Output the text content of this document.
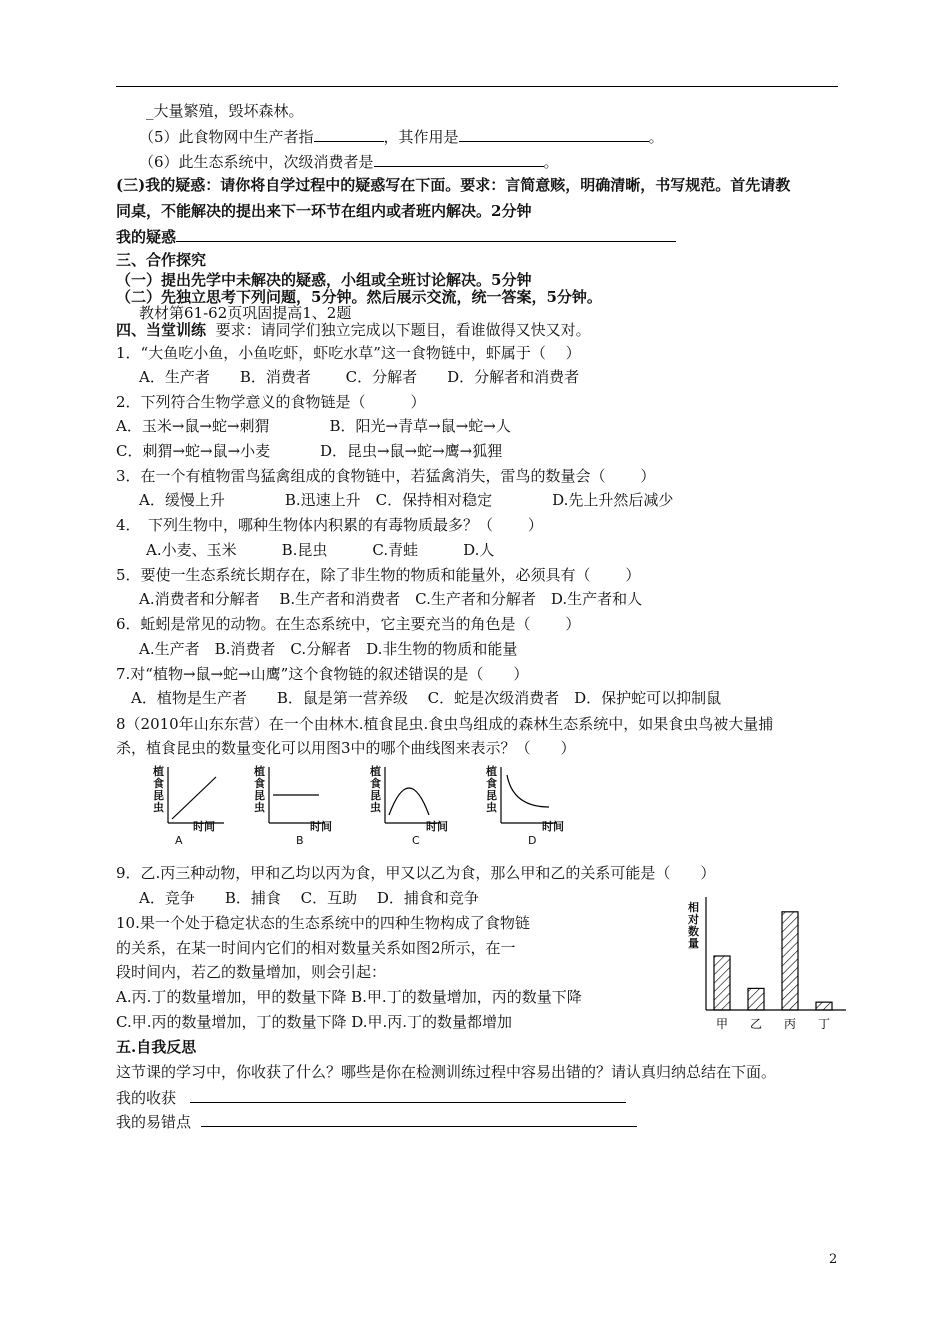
_大量繁殖，毁坏森林。
（5）此食物网中生产者指	，其作用是	。
（6）此生态系统中，次级消费者是	。
(三)我的疑惑：请你将自学过程中的疑惑写在下面。要求：言简意赅，明确清晰，书写规范。首先请教
同桌，不能解决的提出来下一环节在组内或者班内解决。2分钟
我的疑惑
三、合作探究
（一）提出先学中未解决的疑惑，小组或全班讨论解决。5分钟
（二）先独立思考下列问题，5分钟。然后展示交流，统一答案，5分钟。
教材第61-62页巩固提高1、2题
四、当堂训练 要求：请同学们独立完成以下题目，看谁做得又快又对。
1．“大鱼吃小鱼，小鱼吃虾，虾吃水草”这一食物链中，虾属于（　 ）
A．生产者　　B．消费者　　 C．分解者　　D．分解者和消费者
2．下列符合生物学意义的食物链是（　　　）
A．玉米→鼠→蛇→刺猬　　　　B．阳光→青草→鼠→蛇→人
C．刺猬→蛇→鼠→小麦　　　 D．昆虫→鼠→蛇→鹰→狐狸
3．在一个有植物雷鸟猛禽组成的食物链中，若猛禽消失，雷鸟的数量会（　　 ）
A．缓慢上升　　　　B.迅速上升　C．保持相对稳定　　　　D.先上升然后减少
4．　下列生物中，哪种生物体内积累的有毒物质最多？（　　 ）
A.小麦、玉米　　　B.昆虫　　　C.青蛙　　　D.人
5．要使一生态系统长期存在，除了非生物的物质和能量外，必须具有（　　 ）
A.消费者和分解者　 B.生产者和消费者　C.生产者和分解者　D.生产者和人
6．蚯蚓是常见的动物。在生态系统中，它主要充当的角色是（　　 ）
A.生产者　B.消费者　C.分解者　D.非生物的物质和能量
7.对“植物→鼠→蛇→山鹰”这个食物链的叙述错误的是（　　）
A．植物是生产者　　B．鼠是第一营养级　 C．蛇是次级消费者　D．保护蛇可以抑制鼠
8（2010年山东东营）在一个由林木.植食昆虫.食虫鸟组成的森林生态系统中，如果食虫鸟被大量捕
杀，植食昆虫的数量变化可以用图3中的哪个曲线图来表示？（　　）
植食昆虫
时间
A
植食昆虫
时间
B
植食昆虫
时间
C
植食昆虫
时间
D
9．乙.丙三种动物，甲和乙均以丙为食，甲又以乙为食，那么甲和乙的关系可能是（　　）
A．竞争　　B．捕食　 C．互助　 D．捕食和竞争
10.果一个处于稳定状态的生态系统中的四种生物构成了食物链
的关系，在某一时间内它们的相对数量关系如图2所示，在一
段时间内，若乙的数量增加，则会引起：
A.丙.丁的数量增加，甲的数量下降 B.甲.丁的数量增加，丙的数量下降
C.甲.丙的数量增加，丁的数量下降 D.甲.丙.丁的数量都增加
相对数量
甲 乙 丙 丁
五.自我反思
这节课的学习中，你收获了什么？哪些是你在检测训练过程中容易出错的？请认真归纳总结在下面。
我的收获
我的易错点
2
